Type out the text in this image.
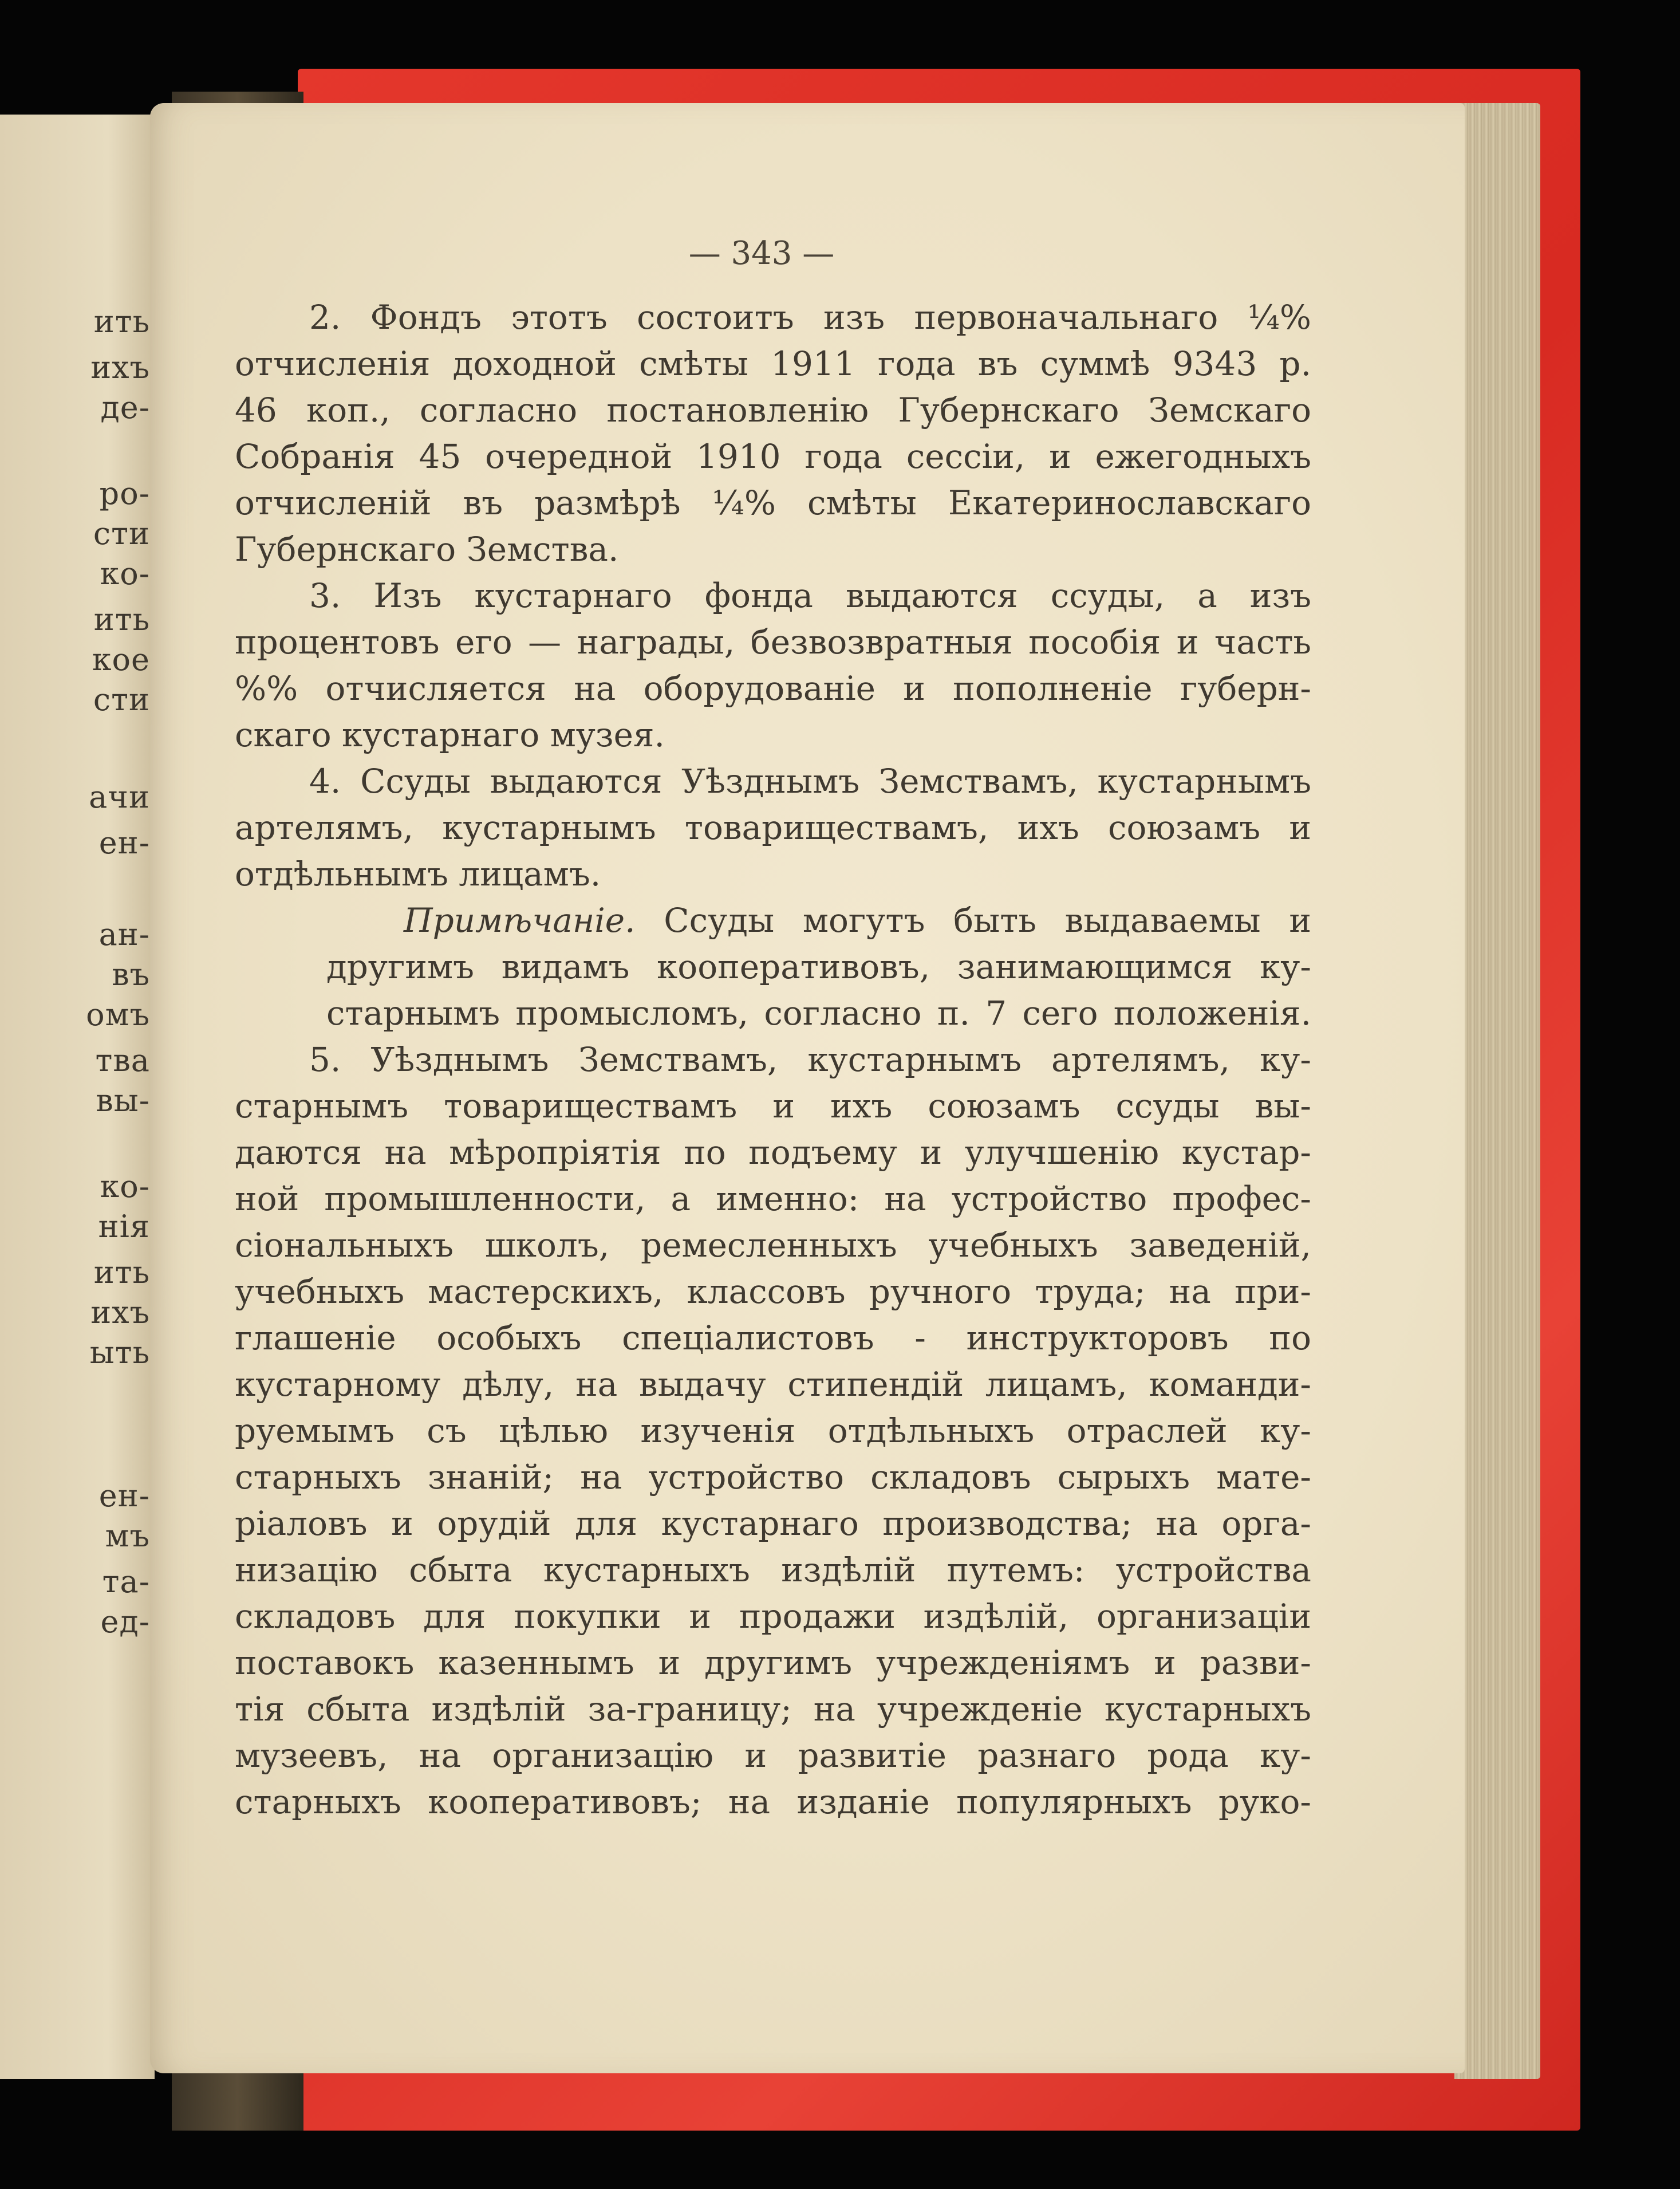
ить
ихъ
де-
ро-
сти
ко-
ить
кое
сти
ачи
ен-
ан-
въ
омъ
тва
вы-
ко-
нія
ить
ихъ
ыть
ен-
мъ
та-
ед-
— 343 —
2. Фондъ этотъ состоитъ изъ первоначальнаго ¼%
отчисленія доходной смѣты 1911 года въ суммѣ 9343 р.
46 коп., согласно постановленію Губернскаго Земскаго
Собранія 45 очередной 1910 года сессіи, и ежегодныхъ
отчисленій въ размѣрѣ ¼% смѣты Екатеринославскаго
Губернскаго Земства.
3. Изъ кустарнаго фонда выдаются ссуды, а изъ
процентовъ его — награды, безвозвратныя пособія и часть
%% отчисляется на оборудованіе и пополненіе губерн-
скаго кустарнаго музея.
4. Ссуды выдаются Уѣзднымъ Земствамъ, кустарнымъ
артелямъ, кустарнымъ товариществамъ, ихъ союзамъ и
отдѣльнымъ лицамъ.
Примѣчаніе. Ссуды могутъ быть выдаваемы и
другимъ видамъ кооперативовъ, занимающимся ку-
старнымъ промысломъ, согласно п. 7 сего положенія.
5. Уѣзднымъ Земствамъ, кустарнымъ артелямъ, ку-
старнымъ товариществамъ и ихъ союзамъ ссуды вы-
даются на мѣропріятія по подъему и улучшенію кустар-
ной промышленности, а именно: на устройство профес-
сіональныхъ школъ, ремесленныхъ учебныхъ заведеній,
учебныхъ мастерскихъ, классовъ ручного труда; на при-
глашеніе особыхъ спеціалистовъ - инструкторовъ по
кустарному дѣлу, на выдачу стипендій лицамъ, команди-
руемымъ съ цѣлью изученія отдѣльныхъ отраслей ку-
старныхъ знаній; на устройство складовъ сырыхъ мате-
ріаловъ и орудій для кустарнаго производства; на орга-
низацію сбыта кустарныхъ издѣлій путемъ: устройства
складовъ для покупки и продажи издѣлій, организаціи
поставокъ казеннымъ и другимъ учрежденіямъ и разви-
тія сбыта издѣлій за-границу; на учрежденіе кустарныхъ
музеевъ, на организацію и развитіе разнаго рода ку-
старныхъ кооперативовъ; на изданіе популярныхъ руко-
